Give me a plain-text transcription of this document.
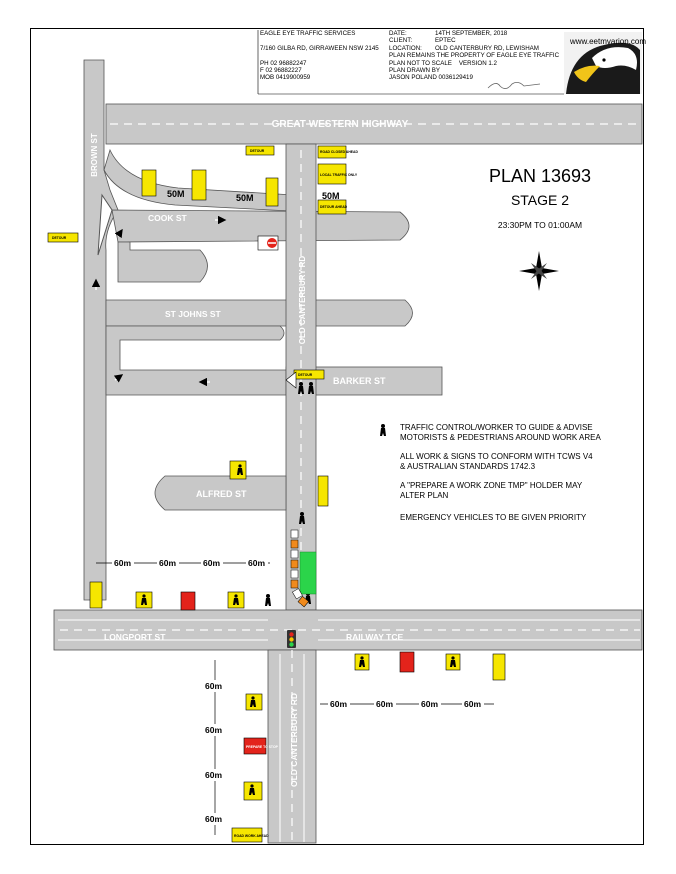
GREAT WESTERN HIGHWAY
BROWN ST
COOK ST
ST JOHNS ST	OLD CANTERBURY RD
BARKER ST
ALFRED ST
LONGPORT ST	RAILWAY TCE
OLD CANTERBURY RD
DETOUR
DETOUR
DETOUR
ROAD CLOSED AHEAD
LOCAL TRAFFIC ONLY
DETOUR AHEAD
ROAD WORK AHEAD
PREPARE TO STOP
50M	50M	50M
60m	60m	60m	60m
60m	60m	60m	60m
60m
60m
60m
60m
PLAN 13693
STAGE 2
23:30PM TO 01:00AM
TRAFFIC CONTROL/WORKER TO GUIDE & ADVISE
MOTORISTS & PEDESTRIANS AROUND WORK AREA
ALL WORK & SIGNS TO CONFORM WITH TCWS V4
& AUSTRALIAN STANDARDS 1742.3
A "PREPARE A WORK ZONE TMP" HOLDER MAY
ALTER PLAN
EMERGENCY VEHICLES TO BE GIVEN PRIORITY
www.eetmvarion.com
EAGLE EYE TRAFFIC SERVICES

7/160 GILBA RD, GIRRAWEEN NSW 2145

PH 02 96882247
F 02 96882227
MOB 0419900959
DATE:	14TH SEPTEMBER, 2018
CLIENT:	EPTEC
LOCATION: OLD CANTERBURY RD, LEWISHAM
PLAN REMAINS THE PROPERTY OF EAGLE EYE TRAFFIC
PLAN NOT TO SCALE VERSION 1.2
PLAN DRAWN BY
JASON POLAND 0036129419
